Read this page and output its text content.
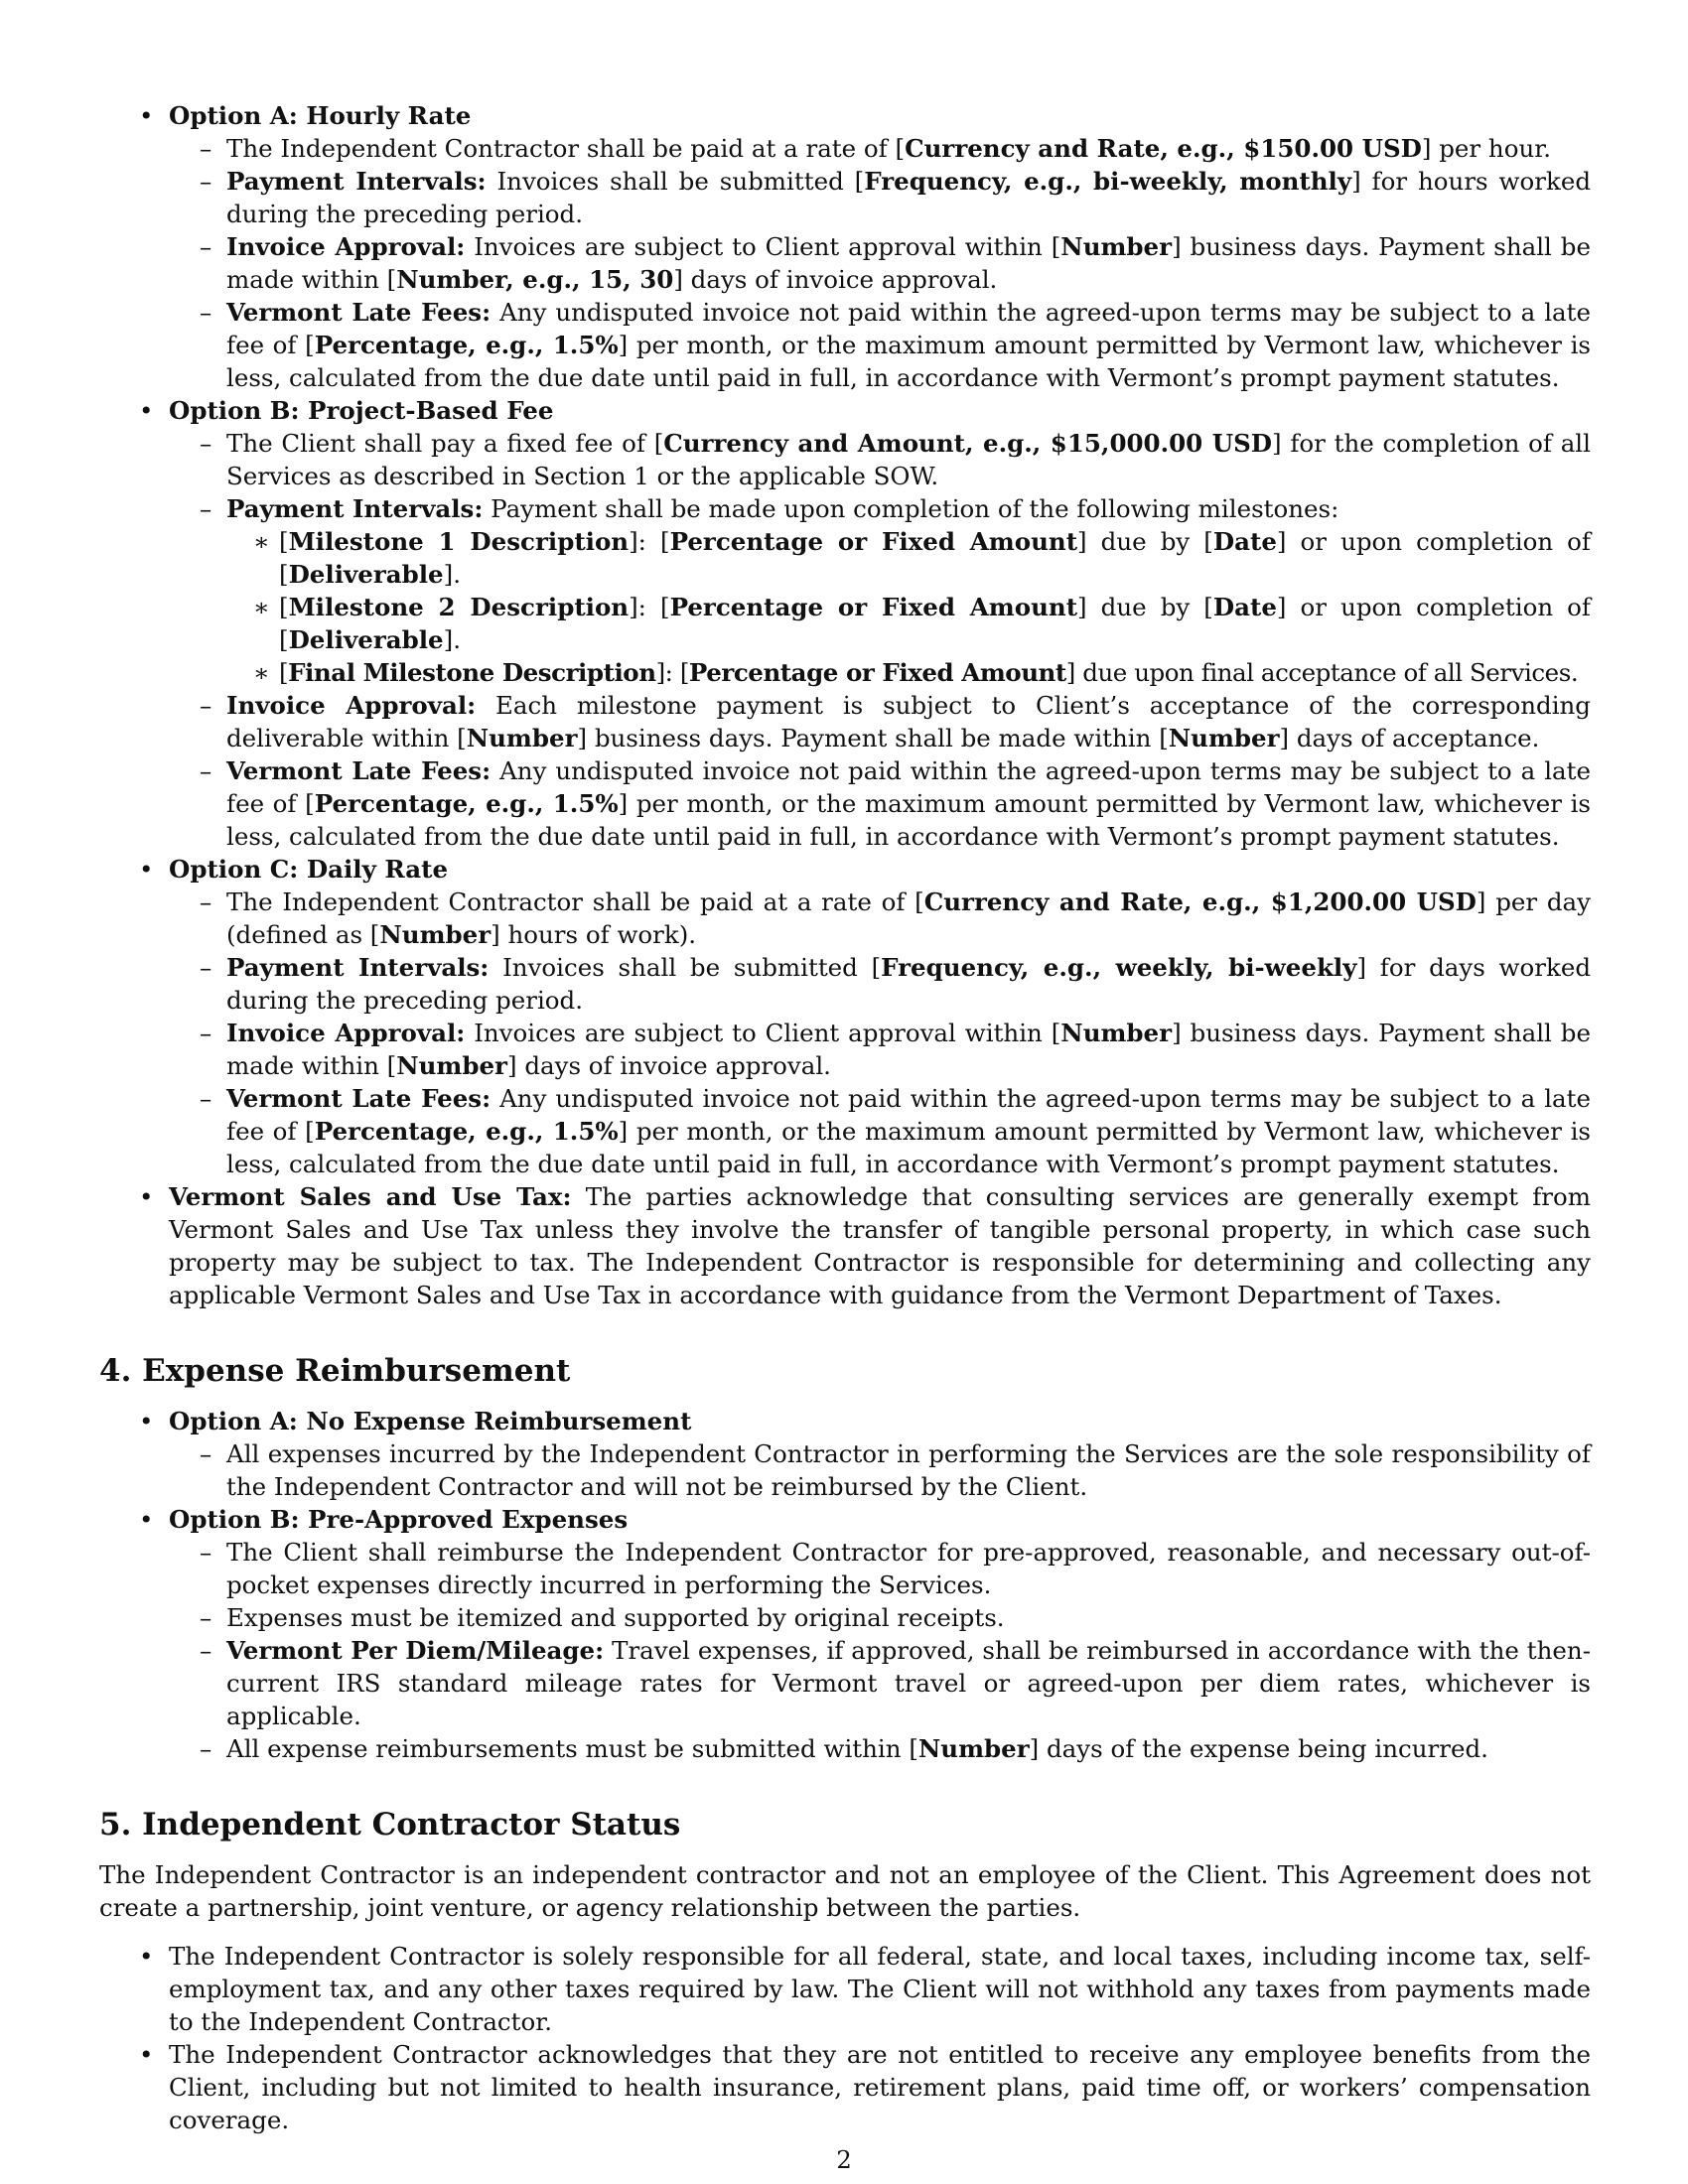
• Option A: Hourly Rate
– The Independent Contractor shall be paid at a rate of [Currency and Rate, e.g., $150.00 USD] per hour.
– Payment Intervals: Invoices shall be submitted [Frequency, e.g., bi-weekly, monthly] for hours worked during the preceding period.
– Invoice Approval: Invoices are subject to Client approval within [Number] business days. Payment shall be made within [Number, e.g., 15, 30] days of invoice approval.
– Vermont Late Fees: Any undisputed invoice not paid within the agreed-upon terms may be subject to a late fee of [Percentage, e.g., 1.5%] per month, or the maximum amount permitted by Vermont law, whichever is less, calculated from the due date until paid in full, in accordance with Vermont’s prompt payment statutes.
• Option B: Project-Based Fee
– The Client shall pay a fixed fee of [Currency and Amount, e.g., $15,000.00 USD] for the completion of all Services as described in Section 1 or the applicable SOW.
– Payment Intervals: Payment shall be made upon completion of the following milestones:
∗ [Milestone 1 Description]: [Percentage or Fixed Amount] due by [Date] or upon completion of [Deliverable].
∗ [Milestone 2 Description]: [Percentage or Fixed Amount] due by [Date] or upon completion of [Deliverable].
∗ [Final Milestone Description]: [Percentage or Fixed Amount] due upon final acceptance of all Services.
– Invoice Approval: Each milestone payment is subject to Client’s acceptance of the corresponding deliverable within [Number] business days. Payment shall be made within [Number] days of acceptance.
– Vermont Late Fees: Any undisputed invoice not paid within the agreed-upon terms may be subject to a late fee of [Percentage, e.g., 1.5%] per month, or the maximum amount permitted by Vermont law, whichever is less, calculated from the due date until paid in full, in accordance with Vermont’s prompt payment statutes.
• Option C: Daily Rate
– The Independent Contractor shall be paid at a rate of [Currency and Rate, e.g., $1,200.00 USD] per day (defined as [Number] hours of work).
– Payment Intervals: Invoices shall be submitted [Frequency, e.g., weekly, bi-weekly] for days worked during the preceding period.
– Invoice Approval: Invoices are subject to Client approval within [Number] business days. Payment shall be made within [Number] days of invoice approval.
– Vermont Late Fees: Any undisputed invoice not paid within the agreed-upon terms may be subject to a late fee of [Percentage, e.g., 1.5%] per month, or the maximum amount permitted by Vermont law, whichever is less, calculated from the due date until paid in full, in accordance with Vermont’s prompt payment statutes.
• Vermont Sales and Use Tax: The parties acknowledge that consulting services are generally exempt from Vermont Sales and Use Tax unless they involve the transfer of tangible personal property, in which case such property may be subject to tax. The Independent Contractor is responsible for determining and collecting any applicable Vermont Sales and Use Tax in accordance with guidance from the Vermont Department of Taxes.
4. Expense Reimbursement
• Option A: No Expense Reimbursement
– All expenses incurred by the Independent Contractor in performing the Services are the sole responsibility of the Independent Contractor and will not be reimbursed by the Client.
• Option B: Pre-Approved Expenses
– The Client shall reimburse the Independent Contractor for pre-approved, reasonable, and necessary out-of-pocket expenses directly incurred in performing the Services.
– Expenses must be itemized and supported by original receipts.
– Vermont Per Diem/Mileage: Travel expenses, if approved, shall be reimbursed in accordance with the then-current IRS standard mileage rates for Vermont travel or agreed-upon per diem rates, whichever is applicable.
– All expense reimbursements must be submitted within [Number] days of the expense being incurred.
5. Independent Contractor Status

The Independent Contractor is an independent contractor and not an employee of the Client. This Agreement does not create a partnership, joint venture, or agency relationship between the parties.

• The Independent Contractor is solely responsible for all federal, state, and local taxes, including income tax, self-employment tax, and any other taxes required by law. The Client will not withhold any taxes from payments made to the Independent Contractor.
• The Independent Contractor acknowledges that they are not entitled to receive any employee benefits from the Client, including but not limited to health insurance, retirement plans, paid time off, or workers’ compensation coverage.
2
